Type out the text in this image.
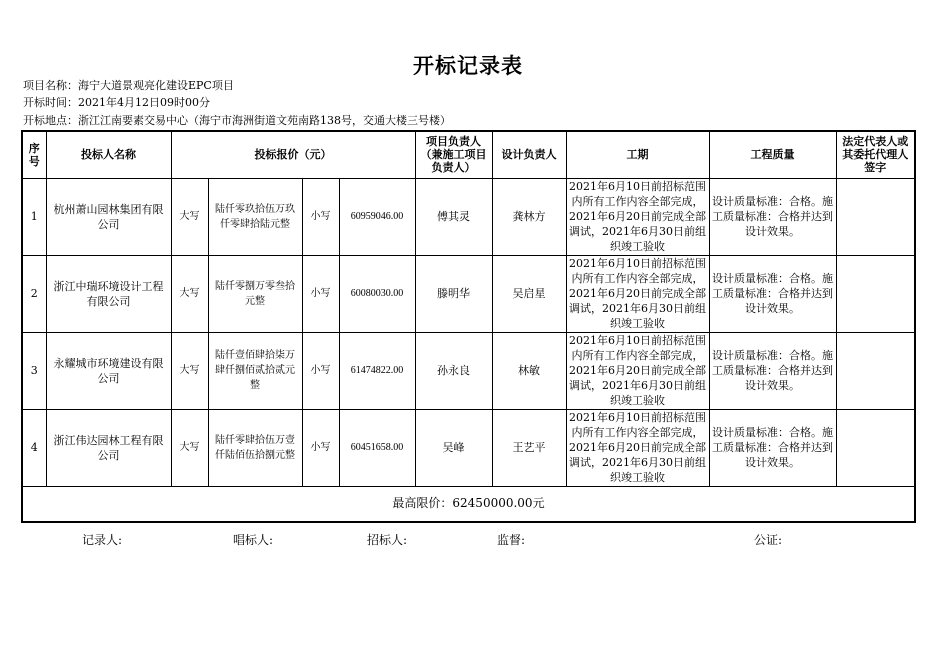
开标记录表
项目名称：海宁大道景观亮化建设EPC项目
开标时间：2021年4月12日09时00分
开标地点：浙江江南要素交易中心（海宁市海洲街道文苑南路138号，交通大楼三号楼）
序号	投标人名称	投标报价（元）				项目负责人（兼施工项目负责人）	设计负责人	工期	工程质量	法定代表人或其委托代理人签字
1	杭州萧山园林集团有限公司	大写	陆仟零玖拾伍万玖仟零肆拾陆元整	小写	60959046.00	傅其灵	龚林方	2021年6月10日前招标范围内所有工作内容全部完成，2021年6月20日前完成全部调试，2021年6月30日前组织竣工验收	设计质量标准：合格。施工质量标准：合格并达到设计效果。	
2	浙江中瑞环境设计工程有限公司	大写	陆仟零捌万零叁拾元整	小写	60080030.00	滕明华	吴启星	2021年6月10日前招标范围内所有工作内容全部完成，2021年6月20日前完成全部调试，2021年6月30日前组织竣工验收	设计质量标准：合格。施工质量标准：合格并达到设计效果。	
3	永耀城市环境建设有限公司	大写	陆仟壹佰肆拾柒万肆仟捌佰贰拾贰元整	小写	61474822.00	孙永良	林敏	2021年6月10日前招标范围内所有工作内容全部完成，2021年6月20日前完成全部调试，2021年6月30日前组织竣工验收	设计质量标准：合格。施工质量标准：合格并达到设计效果。	
4	浙江伟达园林工程有限公司	大写	陆仟零肆拾伍万壹仟陆佰伍拾捌元整	小写	60451658.00	吴峰	王艺平	2021年6月10日前招标范围内所有工作内容全部完成，2021年6月20日前完成全部调试，2021年6月30日前组织竣工验收	设计质量标准：合格。施工质量标准：合格并达到设计效果。	
最高限价：62450000.00元										
记录人:	唱标人:	招标人:	监督:	公证:
